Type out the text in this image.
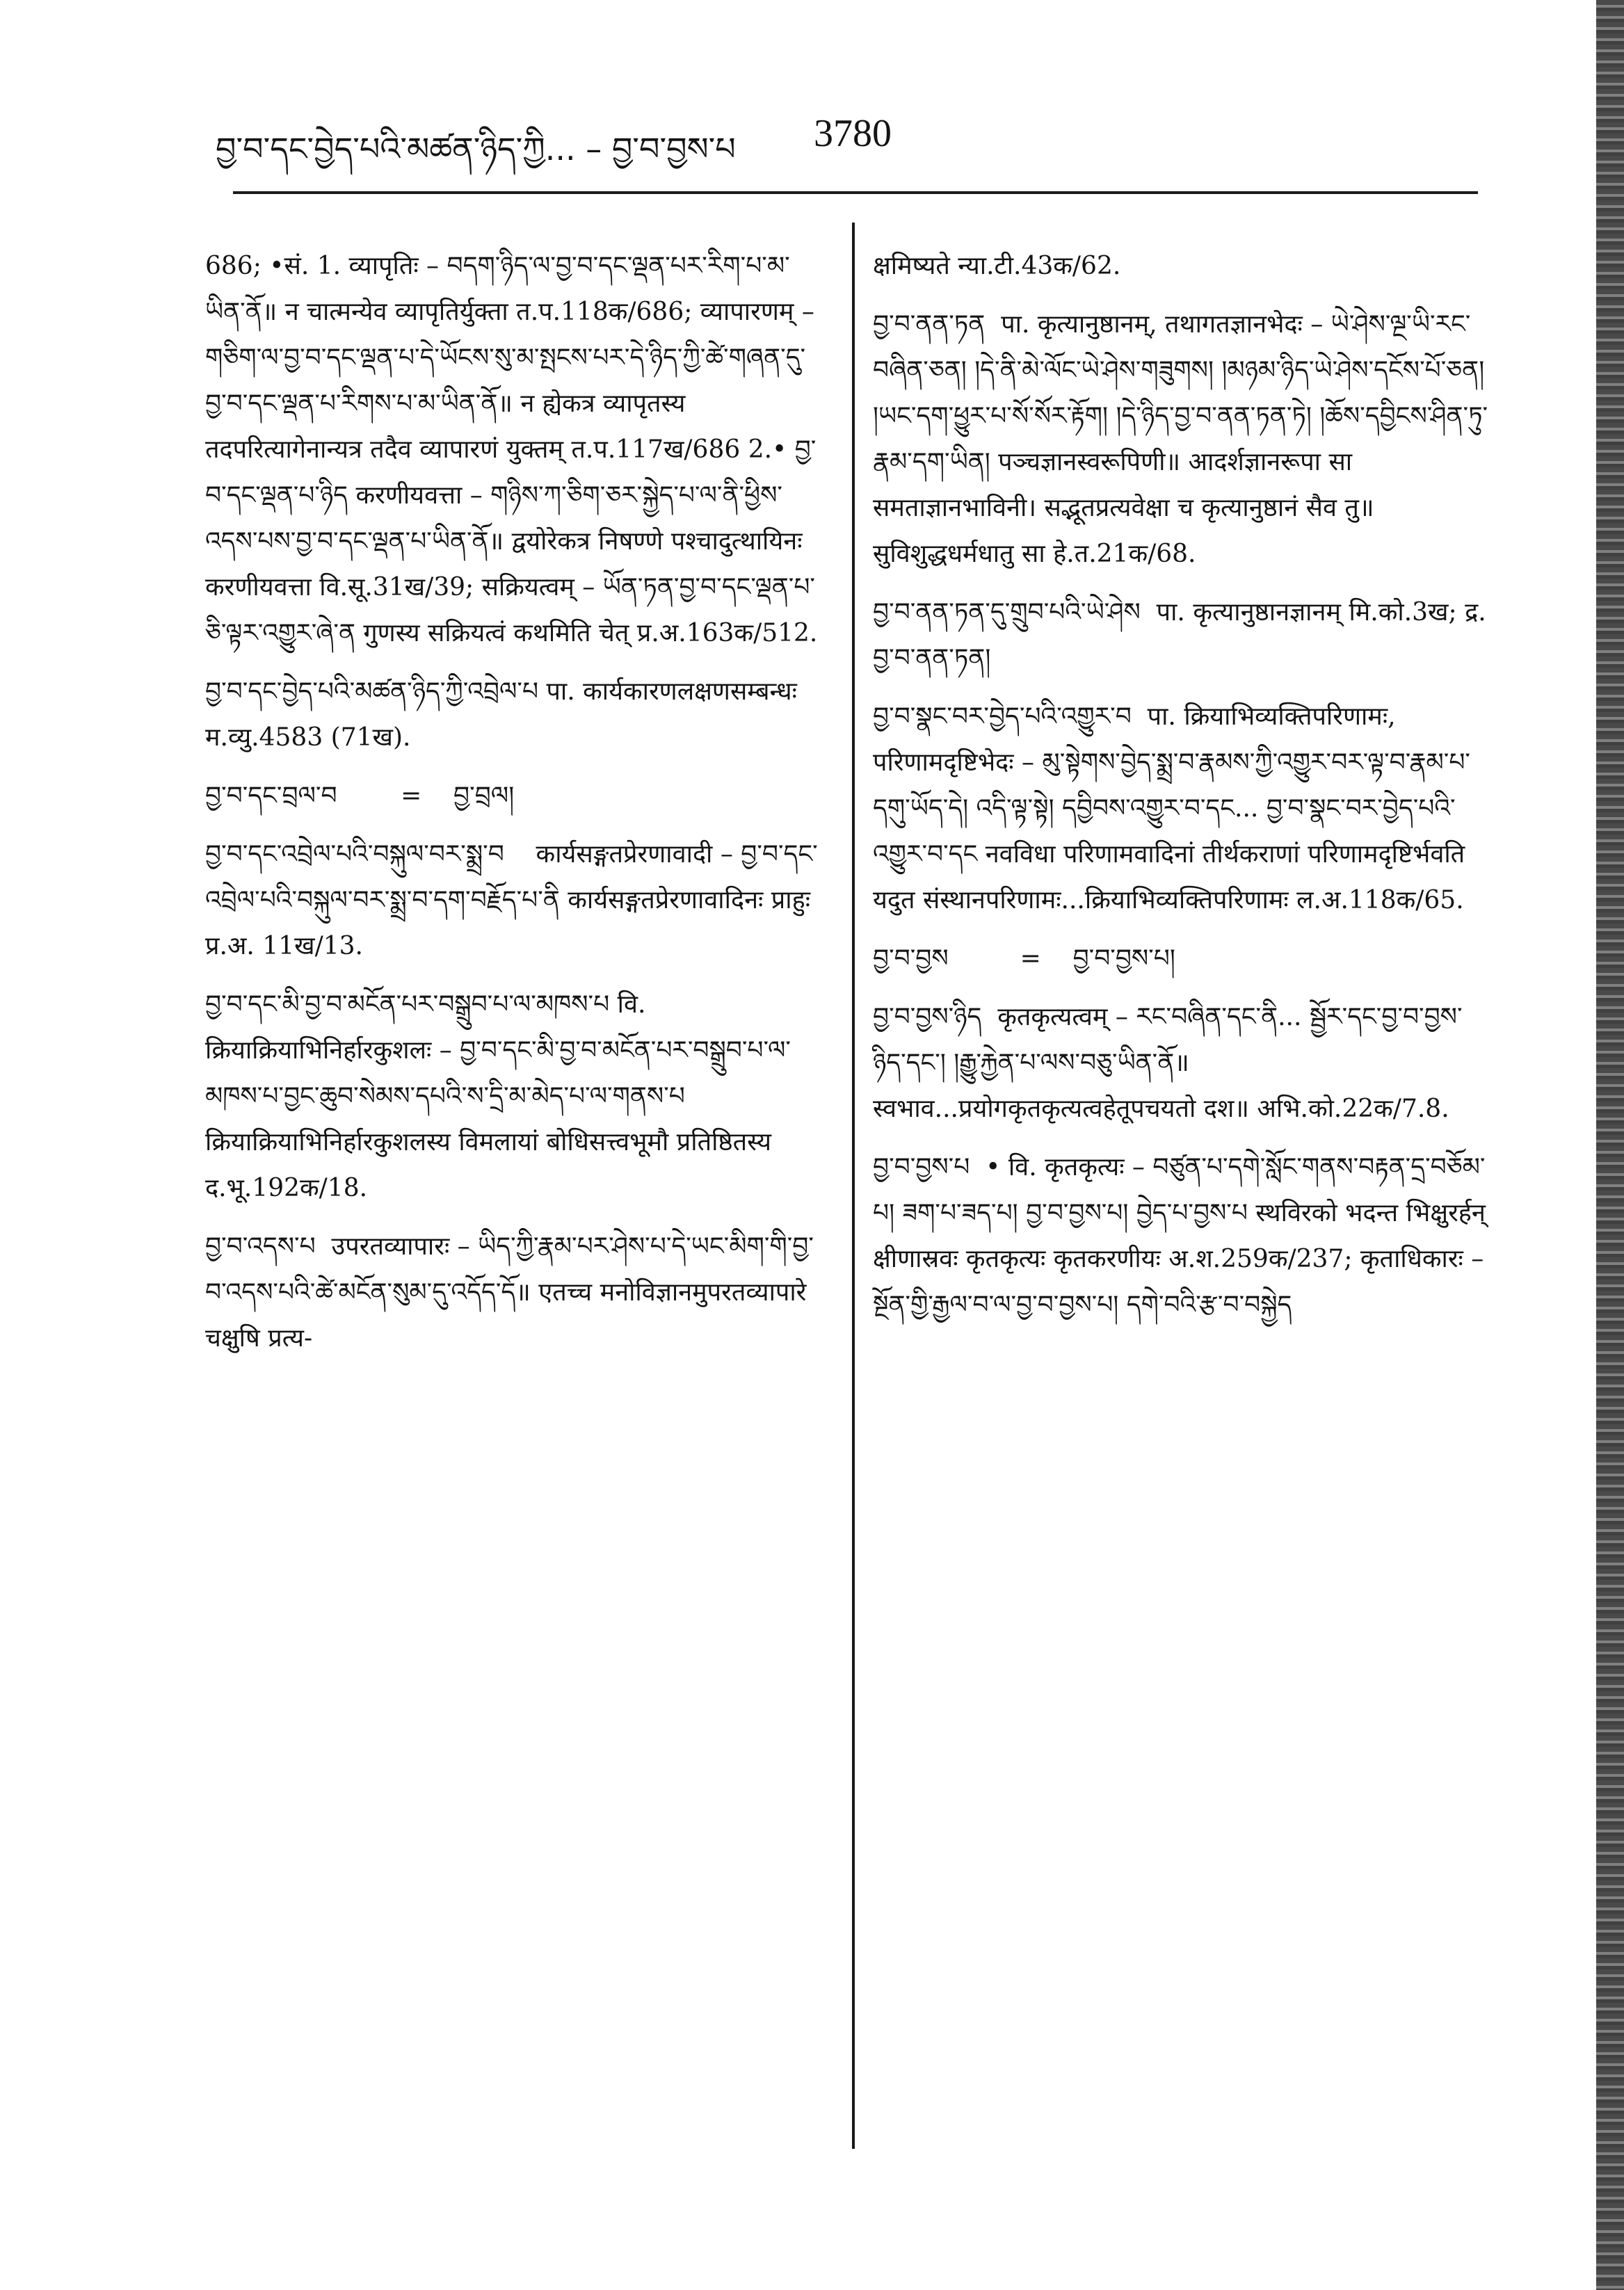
བྱ་བ་དང་བྱེད་པའི་མཚན་ཉིད་ཀྱི... – བྱ་བ་བྱས་པ 3780

686; •सं. 1. व्यापृतिः – བདག་ཉིད་ལ་བྱ་བ་དང་ལྡན་པར་རིག་པ་མ་ཡིན་ནོ॥ न चात्मन्येव व्यापृतिर्युक्ता त.प.118क/686; व्यापारणम् – གཅིག་ལ་བྱ་བ་དང་ལྡན་པ་དེ་ཡོངས་སུ་མ་སྤངས་པར་དེ་ཉིད་ཀྱི་ཚེ་གཞན་དུ་བྱ་བ་དང་ལྡན་པ་རིགས་པ་མ་ཡིན་ནོ॥ न ह्येकत्र व्यापृतस्य तदपरित्यागेनान्यत्र तदैव व्यापारणं युक्तम् त.प.117ख/686 2.• བྱ་བ་དང་ལྡན་པ་ཉིད करणीयवत्ता – གཉིས་ཀ་ཅིག་ཅར་སྐྱེད་པ་ལ་ནི་ཕྱིས་འདས་པས་བྱ་བ་དང་ལྡན་པ་ཡིན་ནོ॥ द्वयोरेकत्र निषण्णे पश्चादुत्थायिनः करणीयवत्ता वि.सू.31ख/39; सक्रियत्वम् – ཡོན་ཏན་བྱ་བ་དང་ལྡན་པ་ཅི་ལྟར་འགྱུར་ཞེ་ན गुणस्य सक्रियत्वं कथमिति चेत् प्र.अ.163क/512.

བྱ་བ་དང་བྱེད་པའི་མཚན་ཉིད་ཀྱི་འབྲེལ་པ पा. कार्यकारणलक्षणसम्बन्धः म.व्यु.4583 (71ख).

བྱ་བ་དང་བྲལ་བ        =    བྱ་བྲལ།

བྱ་བ་དང་འབྲེལ་པའི་བསྐུལ་བར་སྨྲ་བ    कार्यसङ्गतप्रेरणावादी – བྱ་བ་དང་འབྲེལ་པའི་བསྐུལ་བར་སྨྲ་བ་དག་བརྗོད་པ་ནི कार्यसङ्गतप्रेरणावादिनः प्राहुः प्र.अ. 11ख/13.

བྱ་བ་དང་མི་བྱ་བ་མངོན་པར་བསྒྲུབ་པ་ལ་མཁས་པ वि. क्रियाक्रियाभिनिर्हारकुशलः – བྱ་བ་དང་མི་བྱ་བ་མངོན་པར་བསྒྲུབ་པ་ལ་མཁས་པ་བྱང་ཆུབ་སེམས་དཔའི་ས་དྲི་མ་མེད་པ་ལ་གནས་པ क्रियाक्रियाभिनिर्हारकुशलस्य विमलायां बोधिसत्त्वभूमौ प्रतिष्ठितस्य द.भू.192क/18.

བྱ་བ་འདས་པ  उपरतव्यापारः – ཡིད་ཀྱི་རྣམ་པར་ཤེས་པ་དེ་ཡང་མིག་གི་བྱ་བ་འདས་པའི་ཚེ་མངོན་སུམ་དུ་འདོད་དོ॥ एतच्च मनोविज्ञानमुपरतव्यापारे चक्षुषि प्रत्य-

क्षमिष्यते न्या.टी.43क/62.

བྱ་བ་ནན་ཏན  पा. कृत्यानुष्ठानम्, तथागतज्ञानभेदः – ཡེ་ཤེས་ལྔ་ཡི་རང་བཞིན་ཅན། །དེ་ནི་མེ་ལོང་ཡེ་ཤེས་གཟུགས། །མཉམ་ཉིད་ཡེ་ཤེས་དངོས་པོ་ཅན། །ཡང་དག་ཕྱུར་པ་སོ་སོར་རྟོག། །དེ་ཉིད་བྱ་བ་ནན་ཏན་ཏེ། །ཆོས་དབྱིངས་ཤིན་ཏུ་རྣམ་དག་ཡིན། पञ्चज्ञानस्वरूपिणी॥ आदर्शज्ञानरूपा सा समताज्ञानभाविनी। सद्भूतप्रत्यवेक्षा च कृत्यानुष्ठानं सैव तु॥ सुविशुद्धधर्मधातु सा हे.त.21क/68.

བྱ་བ་ནན་ཏན་དུ་གྲུབ་པའི་ཡེ་ཤེས  पा. कृत्यानुष्ठानज्ञानम् मि.को.3ख; द्र. བྱ་བ་ནན་ཏན།

བྱ་བ་སྣང་བར་བྱེད་པའི་འགྱུར་བ  पा. क्रियाभिव्यक्तिपरिणामः, परिणामदृष्टिभेदः – མུ་སྟེགས་བྱེད་སྨྲ་བ་རྣམས་ཀྱི་འགྱུར་བར་ལྟ་བ་རྣམ་པ་དགུ་ཡོད་དེ། འདི་ལྟ་སྟེ། དབྱིབས་འགྱུར་བ་དང... བྱ་བ་སྣང་བར་བྱེད་པའི་འགྱུར་བ་དང नवविधा परिणामवादिनां तीर्थकराणां परिणामदृष्टिर्भवति यदुत संस्थानपरिणामः...क्रियाभिव्यक्तिपरिणामः ल.अ.118क/65.

བྱ་བ་བྱས         =    བྱ་བ་བྱས་པ།

བྱ་བ་བྱས་ཉིད  कृतकृत्यत्वम् – རང་བཞིན་དང་ནི... སྦྱོར་དང་བྱ་བ་བྱས་ཉིད་དང་། །རྒྱུ་རྐྱེན་པ་ལས་བཅུ་ཡིན་ནོ॥ स्वभाव...प्रयोगकृतकृत्यत्वहेतूपचयतो दश॥ अभि.को.22क/7.8.

བྱ་བ་བྱས་པ  • वि. कृतकृत्यः – བཙུན་པ་དགེ་སློང་གནས་བརྟན་དྲ་བཅོམ་པ། ཟག་པ་ཟད་པ། བྱ་བ་བྱས་པ། བྱེད་པ་བྱས་པ स्थविरको भदन्त भिक्षुरर्हन् क्षीणास्रवः कृतकृत्यः कृतकरणीयः अ.श.259क/237; कृताधिकारः – སྔོན་གྱི་རྒྱལ་བ་ལ་བྱ་བ་བྱས་པ། དགེ་བའི་རྩ་བ་བསྐྱེད
